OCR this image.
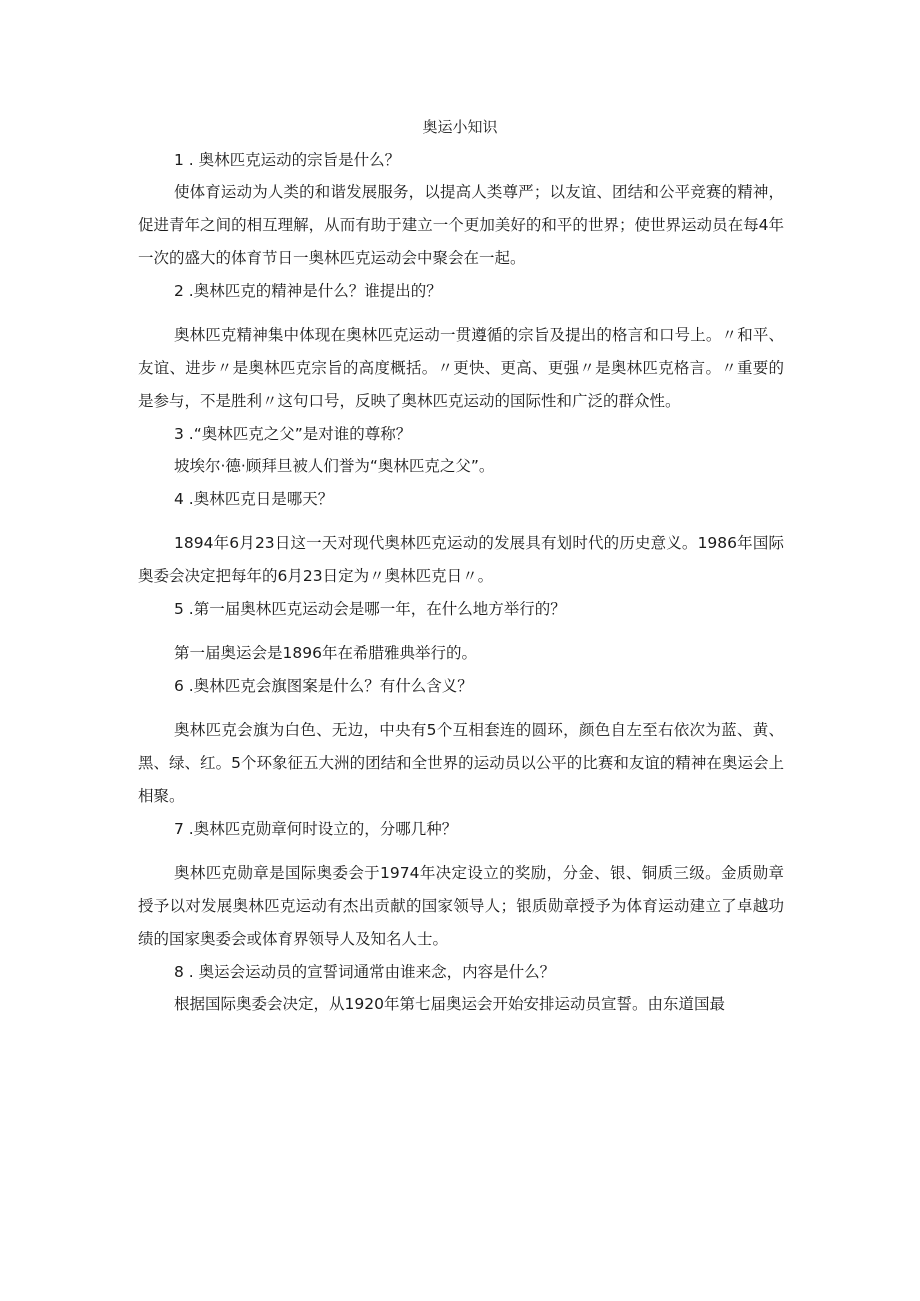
奥运小知识

1 . 奥林匹克运动的宗旨是什么？

使体育运动为人类的和谐发展服务，以提高人类尊严；以友谊、团结和公平竞赛的精神，促进青年之间的相互理解，从而有助于建立一个更加美好的和平的世界；使世界运动员在每4年一次的盛大的体育节日一奥林匹克运动会中聚会在一起。

2 .奥林匹克的精神是什么？谁提出的？

奥林匹克精神集中体现在奥林匹克运动一贯遵循的宗旨及提出的格言和口号上。〃和平、友谊、进步〃是奥林匹克宗旨的高度概括。〃更快、更高、更强〃是奥林匹克格言。〃重要的是参与，不是胜利〃这句口号，反映了奥林匹克运动的国际性和广泛的群众性。

3 .“奥林匹克之父”是对谁的尊称？

坡埃尔·德·顾拜旦被人们誉为“奥林匹克之父”。

4 .奥林匹克日是哪天？

1894年6月23日这一天对现代奥林匹克运动的发展具有划时代的历史意义。1986年国际奥委会决定把每年的6月23日定为〃奥林匹克日〃。

5 .第一届奥林匹克运动会是哪一年，在什么地方举行的？

第一届奥运会是1896年在希腊雅典举行的。

6 .奥林匹克会旗图案是什么？有什么含义？

奥林匹克会旗为白色、无边，中央有5个互相套连的圆环，颜色自左至右依次为蓝、黄、黑、绿、红。5个环象征五大洲的团结和全世界的运动员以公平的比赛和友谊的精神在奥运会上相聚。

7 .奥林匹克勋章何时设立的，分哪几种？

奥林匹克勋章是国际奥委会于1974年决定设立的奖励，分金、银、铜质三级。金质勋章授予以对发展奥林匹克运动有杰出贡献的国家领导人；银质勋章授予为体育运动建立了卓越功绩的国家奥委会或体育界领导人及知名人士。

8 . 奥运会运动员的宣誓词通常由谁来念，内容是什么？

根据国际奥委会决定，从1920年第七届奥运会开始安排运动员宣誓。由东道国最
